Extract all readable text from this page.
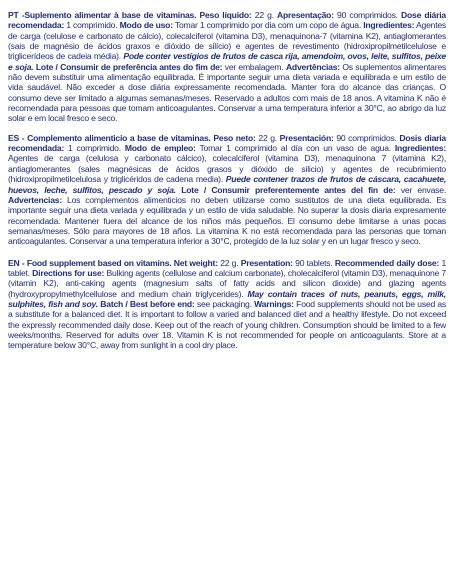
PT -Suplemento alimentar à base de vitaminas. Peso líquido: 22 g. Apresentação: 90 comprimidos. Dose diária recomendada: 1 comprimido. Modo de uso: Tomar 1 comprimido por dia com um copo de água. Ingredientes: Agentes de carga (celulose e carbonato de cálcio), colecalciferol (vitamina D3), menaquinona-7 (vitamina K2), antiaglomerantes (sais de magnésio de ácidos graxos e dióxido de silício) e agentes de revestimento (hidroxipropilmetilcelulose e triglicerídeos de cadeia média). Pode conter vestígios de frutos de casca rija, amendoim, ovos, leite, sulfitos, peixe e soja. Lote / Consumir de preferência antes do fim de: ver embalagem. Advertências: Os suplementos alimentares não devem substituir uma alimentação equilibrada. É importante seguir uma dieta variada e equilibrada e um estilo de vida saudável. Não exceder a dose diária expressamente recomendada. Manter fora do alcance das crianças. O consumo deve ser limitado a algumas semanas/meses. Reservado a adultos com mais de 18 anos. A vitamina K não é recomendada para pessoas que tomam anticoagulantes. Conservar a uma temperatura inferior a 30°C, ao abrigo da luz solar e em local fresco e seco.

ES - Complemento alimenticio a base de vitaminas. Peso neto: 22 g. Presentación: 90 comprimidos. Dosis diaria recomendada: 1 comprimido. Modo de empleo: Tomar 1 comprimido al día con un vaso de agua. Ingredientes: Agentes de carga (celulosa y carbonato cálcico), colecalciferol (vitamina D3), menaquinona 7 (vitamina K2), antiaglomerantes (sales magnésicas de ácidos grasos y dióxido de silicio) y agentes de recubrimiento (hidroxipropilmetilcelulosa y triglicéridos de cadena media). Puede contener trazos de frutos de cáscara, cacahuete, huevos, leche, sulfitos, pescado y soja. Lote / Consumir preferentemente antes del fin de: ver envase. Advertencias: Los complementos alimenticios no deben utilizarse como sustitutos de una dieta equilibrada. Es importante seguir una dieta variada y equilibrada y un estilo de vida saludable. No superar la dosis diaria expresamente recomendada. Mantener fuera del alcance de los niños más pequeños. El consumo debe limitarse a unas pocas semanas/meses. Sólo para mayores de 18 años. La vitamina K no está recomendada para las personas que toman anticoagulantes. Conservar a una temperatura inferior a 30°C, protegido de la luz solar y en un lugar fresco y seco.

EN - Food supplement based on vitamins. Net weight: 22 g. Presentation: 90 tablets. Recommended daily dose: 1 tablet. Directions for use: Bulking agents (cellulose and calcium carbonate), cholecalciferol (vitamin D3), menaquinone 7 (vitamin K2), anti-caking agents (magnesium salts of fatty acids and silicon dioxide) and glazing agents (hydroxypropylmethylcellulose and medium chain triglycerides). May contain traces of nuts, peanuts, eggs, milk, sulphites, fish and soy. Batch / Best before end: see packaging. Warnings: Food supplements should not be used as a substitute for a balanced diet. It is important to follow a varied and balanced diet and a healthy lifestyle. Do not exceed the expressly recommended daily dose. Keep out of the reach of young children. Consumption should be limited to a few weeks/months. Reserved for adults over 18. Vitamin K is not recommended for people on anticoagulants. Store at a temperature below 30°C, away from sunlight in a cool dry place.
